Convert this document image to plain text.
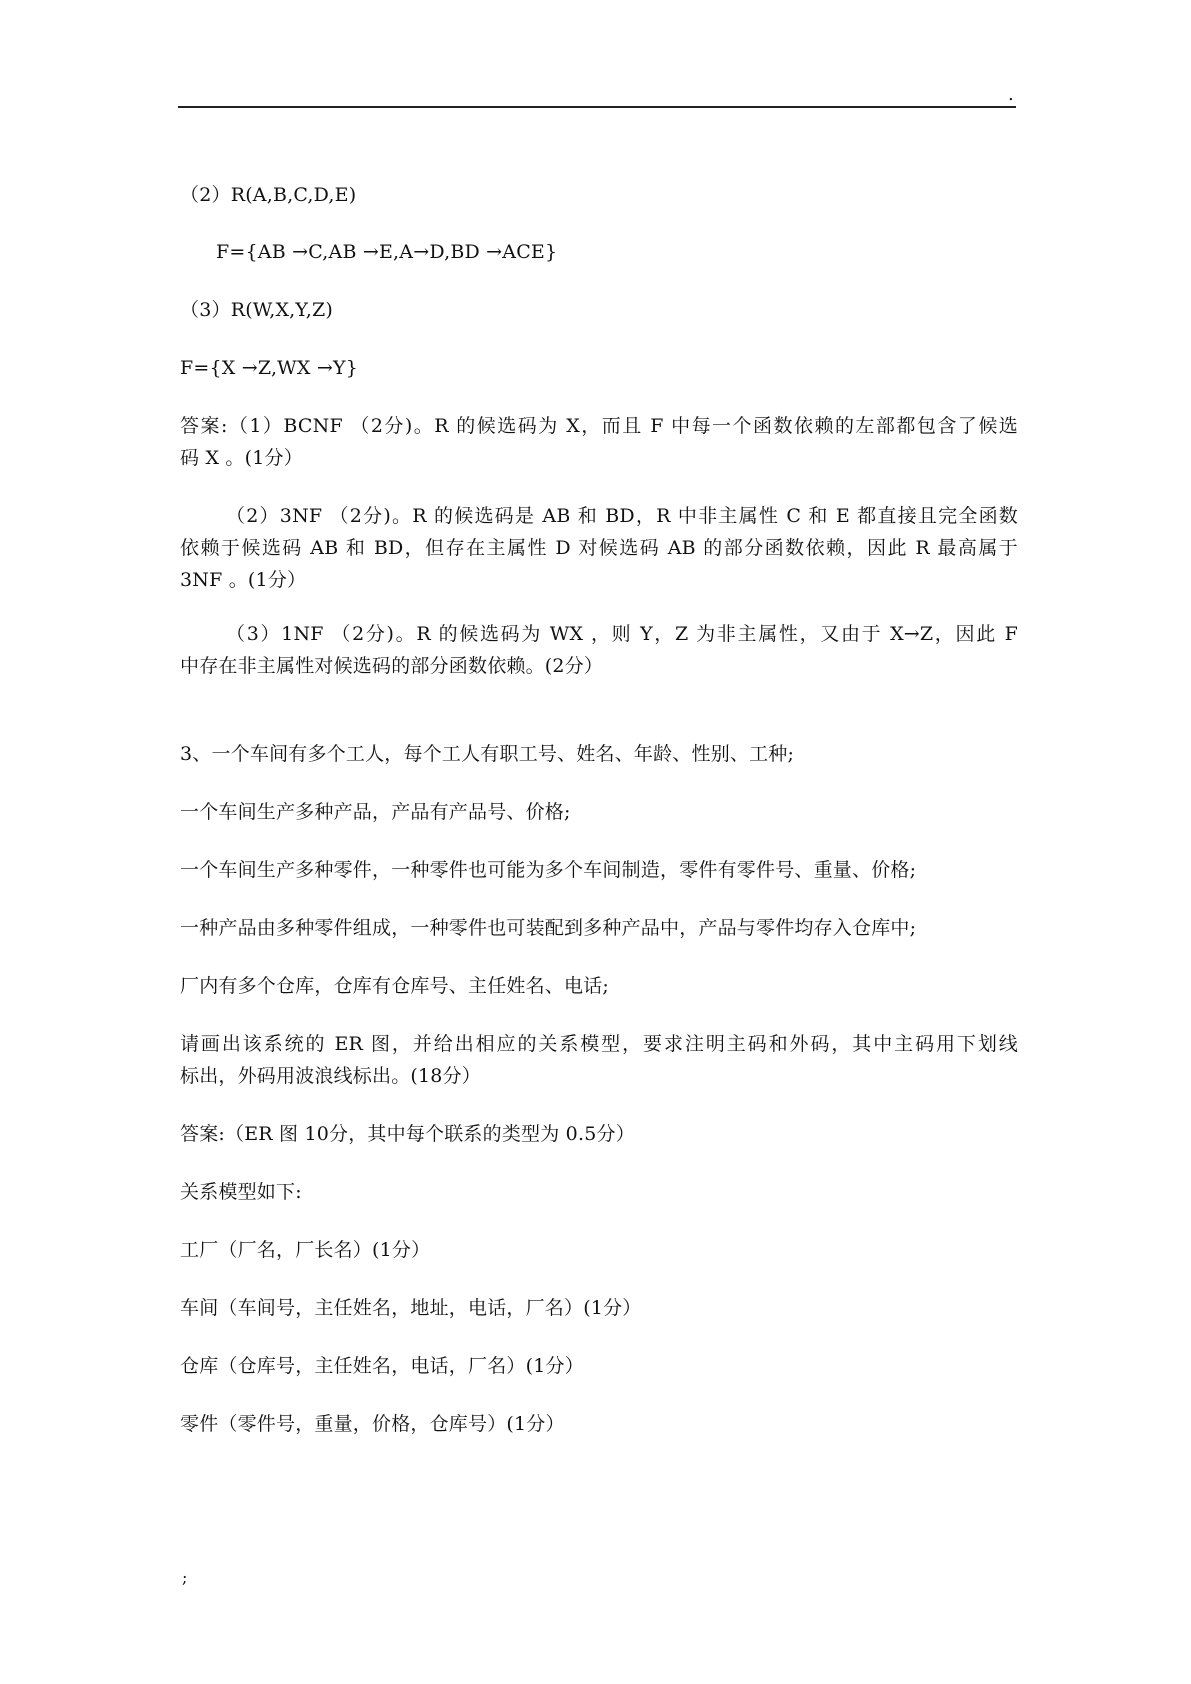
.
（2）R(A,B,C,D,E)
F={AB →C,AB →E,A→D,BD →ACE}
（3）R(W,X,Y,Z)
F={X →Z,WX →Y}
答案:（1）BCNF （2分)。R 的候选码为 X，而且 F 中每一个函数依赖的左部都包含了候选
码 X 。(1分）
（2）3NF （2分)。R 的候选码是 AB 和 BD，R 中非主属性 C 和 E 都直接且完全函数
依赖于候选码 AB 和 BD，但存在主属性 D 对候选码 AB 的部分函数依赖，因此 R 最高属于
3NF 。(1分）
（3）1NF （2分)。R 的候选码为 WX ，则 Y，Z 为非主属性，又由于 X→Z，因此 F
中存在非主属性对候选码的部分函数依赖。(2分）
3、一个车间有多个工人，每个工人有职工号、姓名、年龄、性别、工种;
一个车间生产多种产品，产品有产品号、价格;
一个车间生产多种零件，一种零件也可能为多个车间制造，零件有零件号、重量、价格;
一种产品由多种零件组成，一种零件也可装配到多种产品中，产品与零件均存入仓库中;
厂内有多个仓库，仓库有仓库号、主任姓名、电话;
请画出该系统的 ER 图，并给出相应的关系模型，要求注明主码和外码，其中主码用下划线
标出，外码用波浪线标出。(18分）
答案:（ER 图 10分，其中每个联系的类型为 0.5分）
关系模型如下:
工厂（厂名，厂长名）(1分）
车间（车间号，主任姓名，地址，电话，厂名）(1分）
仓库（仓库号，主任姓名，电话，厂名）(1分）
零件（零件号，重量，价格，仓库号）(1分）
;
